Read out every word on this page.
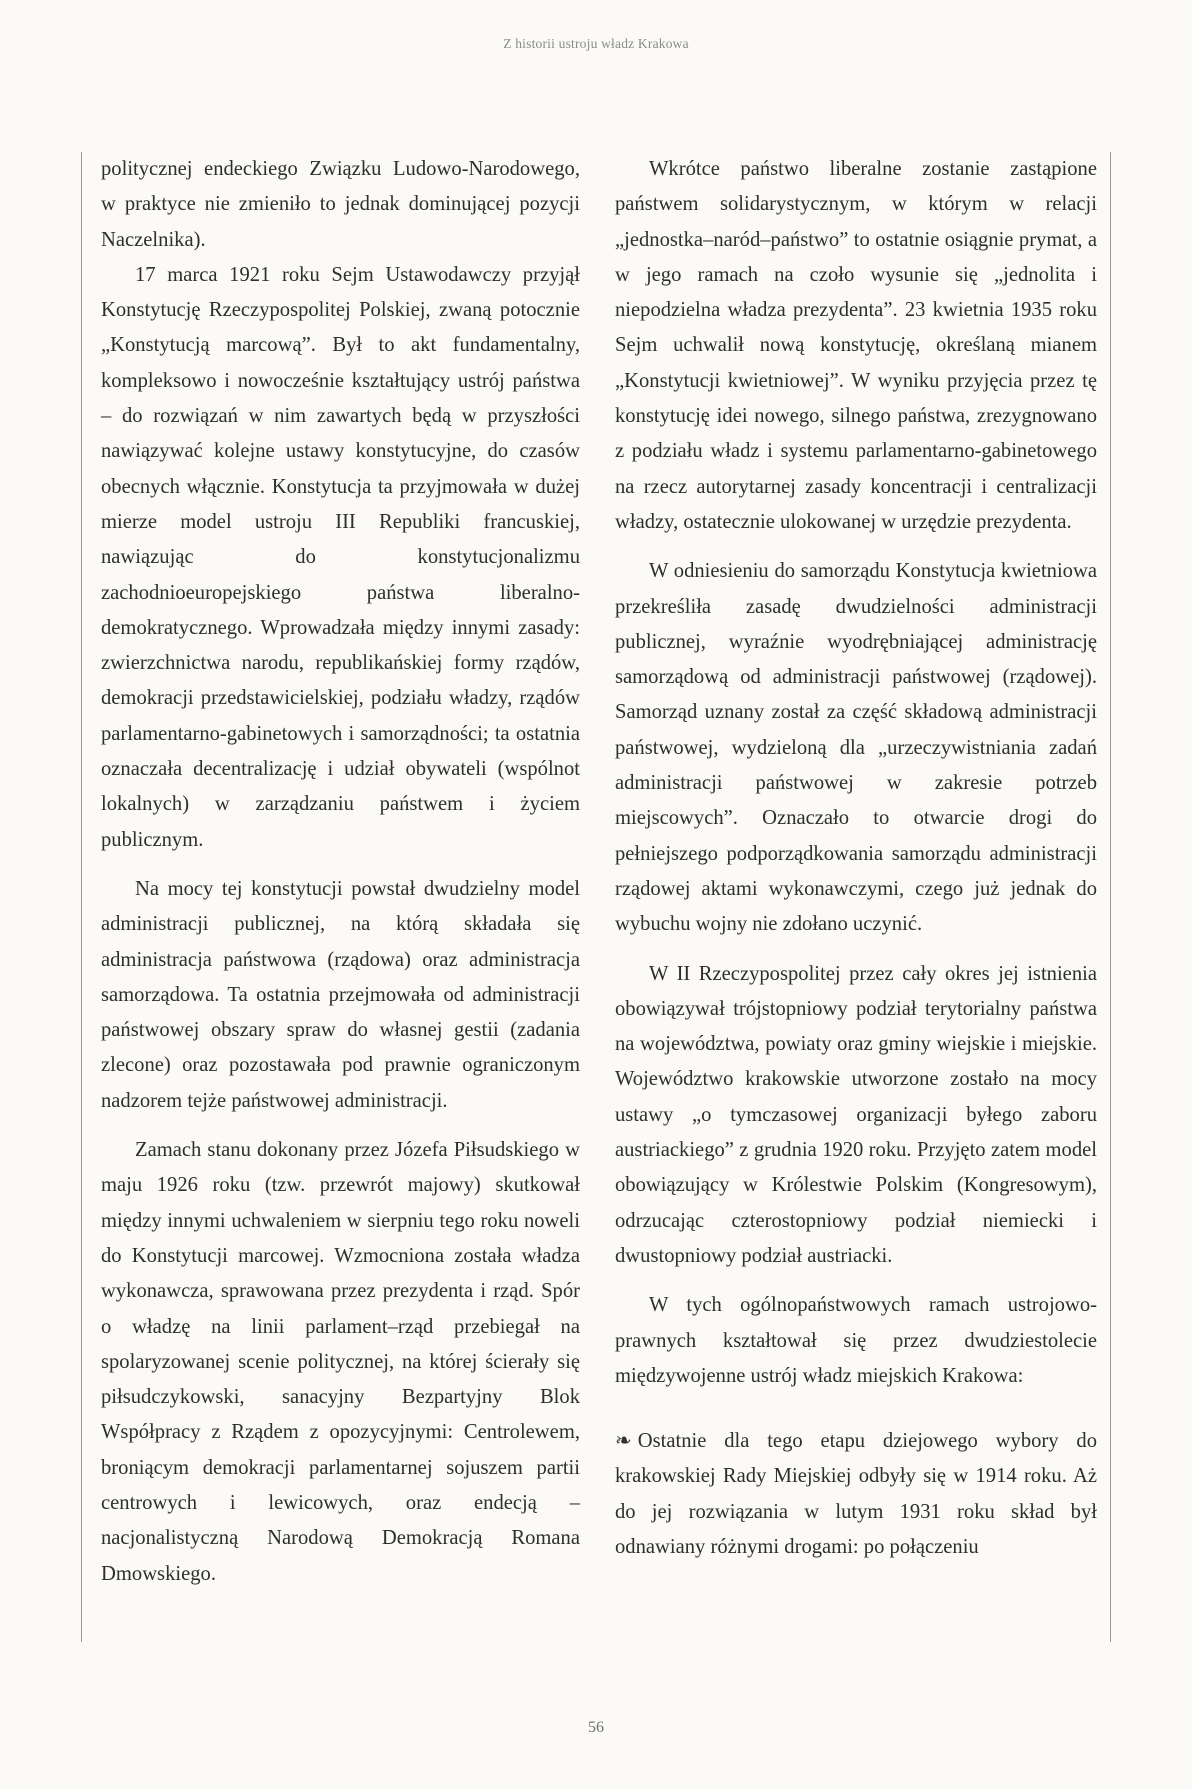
Z historii ustroju władz Krakowa

politycznej endeckiego Związku Ludowo-Narodowego, w praktyce nie zmieniło to jednak dominującej pozycji Naczelnika).

17 marca 1921 roku Sejm Ustawodawczy przyjął Konstytucję Rzeczypospolitej Polskiej, zwaną potocznie „Konstytucją marcową”. Był to akt fundamentalny, kompleksowo i nowocześnie kształtujący ustrój państwa – do rozwiązań w nim zawartych będą w przyszłości nawiązywać kolejne ustawy konstytucyjne, do czasów obecnych włącznie. Konstytucja ta przyjmowała w dużej mierze model ustroju III Republiki francuskiej, nawiązując do konstytucjonalizmu zachodnioeuropejskiego państwa liberalno-demokratycznego. Wprowadzała między innymi zasady: zwierzchnictwa narodu, republikańskiej formy rządów, demokracji przedstawicielskiej, podziału władzy, rządów parlamentarno-gabinetowych i samorządności; ta ostatnia oznaczała decentralizację i udział obywateli (wspólnot lokalnych) w zarządzaniu państwem i życiem publicznym.

Na mocy tej konstytucji powstał dwudzielny model administracji publicznej, na którą składała się administracja państwowa (rządowa) oraz administracja samorządowa. Ta ostatnia przejmowała od administracji państwowej obszary spraw do własnej gestii (zadania zlecone) oraz pozostawała pod prawnie ograniczonym nadzorem tejże państwowej administracji.

Zamach stanu dokonany przez Józefa Piłsudskiego w maju 1926 roku (tzw. przewrót majowy) skutkował między innymi uchwaleniem w sierpniu tego roku noweli do Konstytucji marcowej. Wzmocniona została władza wykonawcza, sprawowana przez prezydenta i rząd. Spór o władzę na linii parlament–rząd przebiegał na spolaryzowanej scenie politycznej, na której ścierały się piłsudczykowski, sanacyjny Bezpartyjny Blok Współpracy z Rządem z opozycyjnymi: Centrolewem, broniącym demokracji parlamentarnej sojuszem partii centrowych i lewicowych, oraz endecją – nacjonalistyczną Narodową Demokracją Romana Dmowskiego.

Wkrótce państwo liberalne zostanie zastąpione państwem solidarystycznym, w którym w relacji „jednostka–naród–państwo” to ostatnie osiągnie prymat, a w jego ramach na czoło wysunie się „jednolita i niepodzielna władza prezydenta”. 23 kwietnia 1935 roku Sejm uchwalił nową konstytucję, określaną mianem „Konstytucji kwietniowej”. W wyniku przyjęcia przez tę konstytucję idei nowego, silnego państwa, zrezygnowano z podziału władz i systemu parlamentarno-gabinetowego na rzecz autorytarnej zasady koncentracji i centralizacji władzy, ostatecznie ulokowanej w urzędzie prezydenta.

W odniesieniu do samorządu Konstytucja kwietniowa przekreśliła zasadę dwudzielności administracji publicznej, wyraźnie wyodrębniającej administrację samorządową od administracji państwowej (rządowej). Samorząd uznany został za część składową administracji państwowej, wydzieloną dla „urzeczywistniania zadań administracji państwowej w zakresie potrzeb miejscowych”. Oznaczało to otwarcie drogi do pełniejszego podporządkowania samorządu administracji rządowej aktami wykonawczymi, czego już jednak do wybuchu wojny nie zdołano uczynić.

W II Rzeczypospolitej przez cały okres jej istnienia obowiązywał trójstopniowy podział terytorialny państwa na województwa, powiaty oraz gminy wiejskie i miejskie. Województwo krakowskie utworzone zostało na mocy ustawy „o tymczasowej organizacji byłego zaboru austriackiego” z grudnia 1920 roku. Przyjęto zatem model obowiązujący w Królestwie Polskim (Kongresowym), odrzucając czterostopniowy podział niemiecki i dwustopniowy podział austriacki.

W tych ogólnopaństwowych ramach ustrojowo-prawnych kształtował się przez dwudziestolecie międzywojenne ustrój władz miejskich Krakowa:

❧ Ostatnie dla tego etapu dziejowego wybory do krakowskiej Rady Miejskiej odbyły się w 1914 roku. Aż do jej rozwiązania w lutym 1931 roku skład był odnawiany różnymi drogami: po połączeniu

56
